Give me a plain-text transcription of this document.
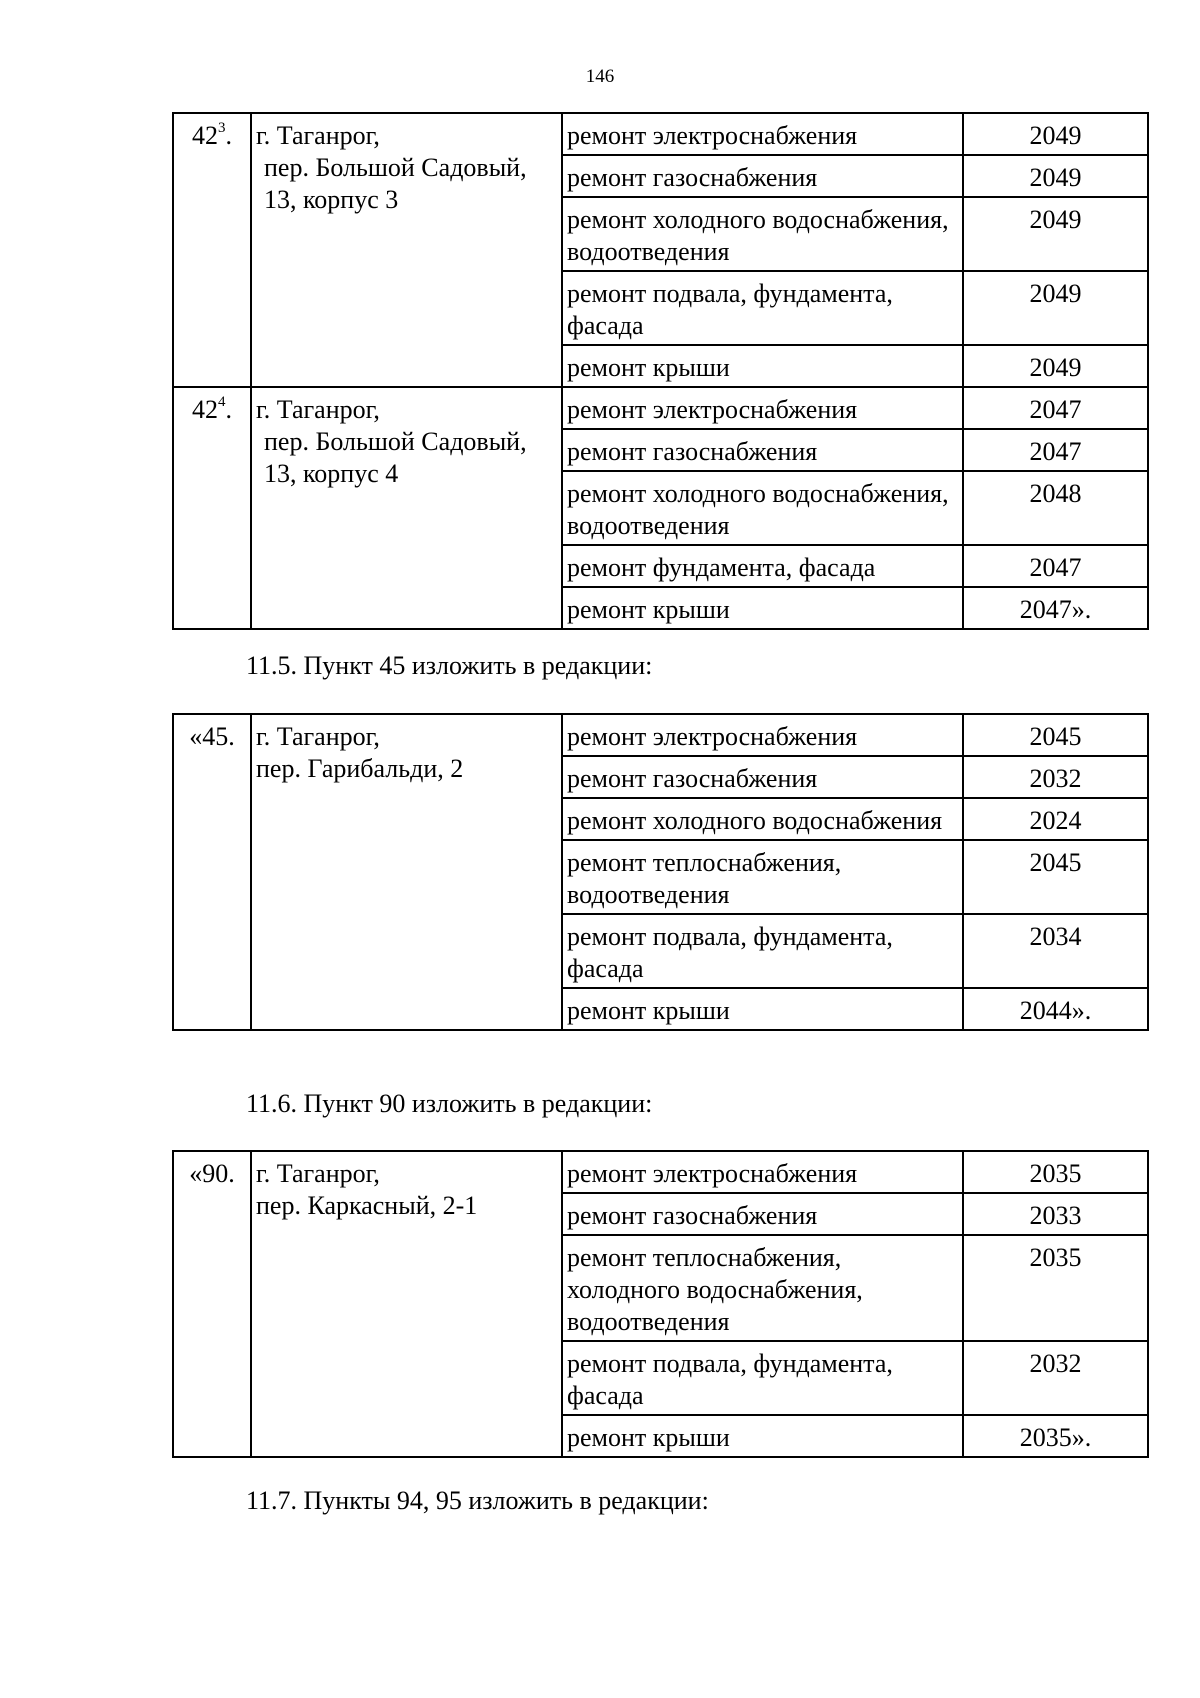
146
$42^3$.	г. Таганрог,
пер. Большой Садовый,
13, корпус 3	ремонт электроснабжения	2049
		ремонт газоснабжения	2049
		ремонт холодного водоснабжения, водоотведения	2049
		ремонт подвала, фундамента, фасада	2049
		ремонт крыши	2049
$42^4$.	г. Таганрог,
пер. Большой Садовый,
13, корпус 4	ремонт электроснабжения	2047
		ремонт газоснабжения	2047
		ремонт холодного водоснабжения, водоотведения	2048
		ремонт фундамента, фасада	2047
		ремонт крыши	2047».
11.5. Пункт 45 изложить в редакции:
«45.	г. Таганрог,
пер. Гарибальди, 2	ремонт электроснабжения	2045
		ремонт газоснабжения	2032
		ремонт холодного водоснабжения	2024
		ремонт теплоснабжения, водоотведения	2045
		ремонт подвала, фундамента, фасада	2034
		ремонт крыши	2044».
11.6. Пункт 90 изложить в редакции:
«90.	г. Таганрог,
пер. Каркасный, 2-1	ремонт электроснабжения	2035
		ремонт газоснабжения	2033
		ремонт теплоснабжения, холодного водоснабжения, водоотведения	2035
		ремонт подвала, фундамента, фасада	2032
		ремонт крыши	2035».
11.7. Пункты 94, 95 изложить в редакции:
